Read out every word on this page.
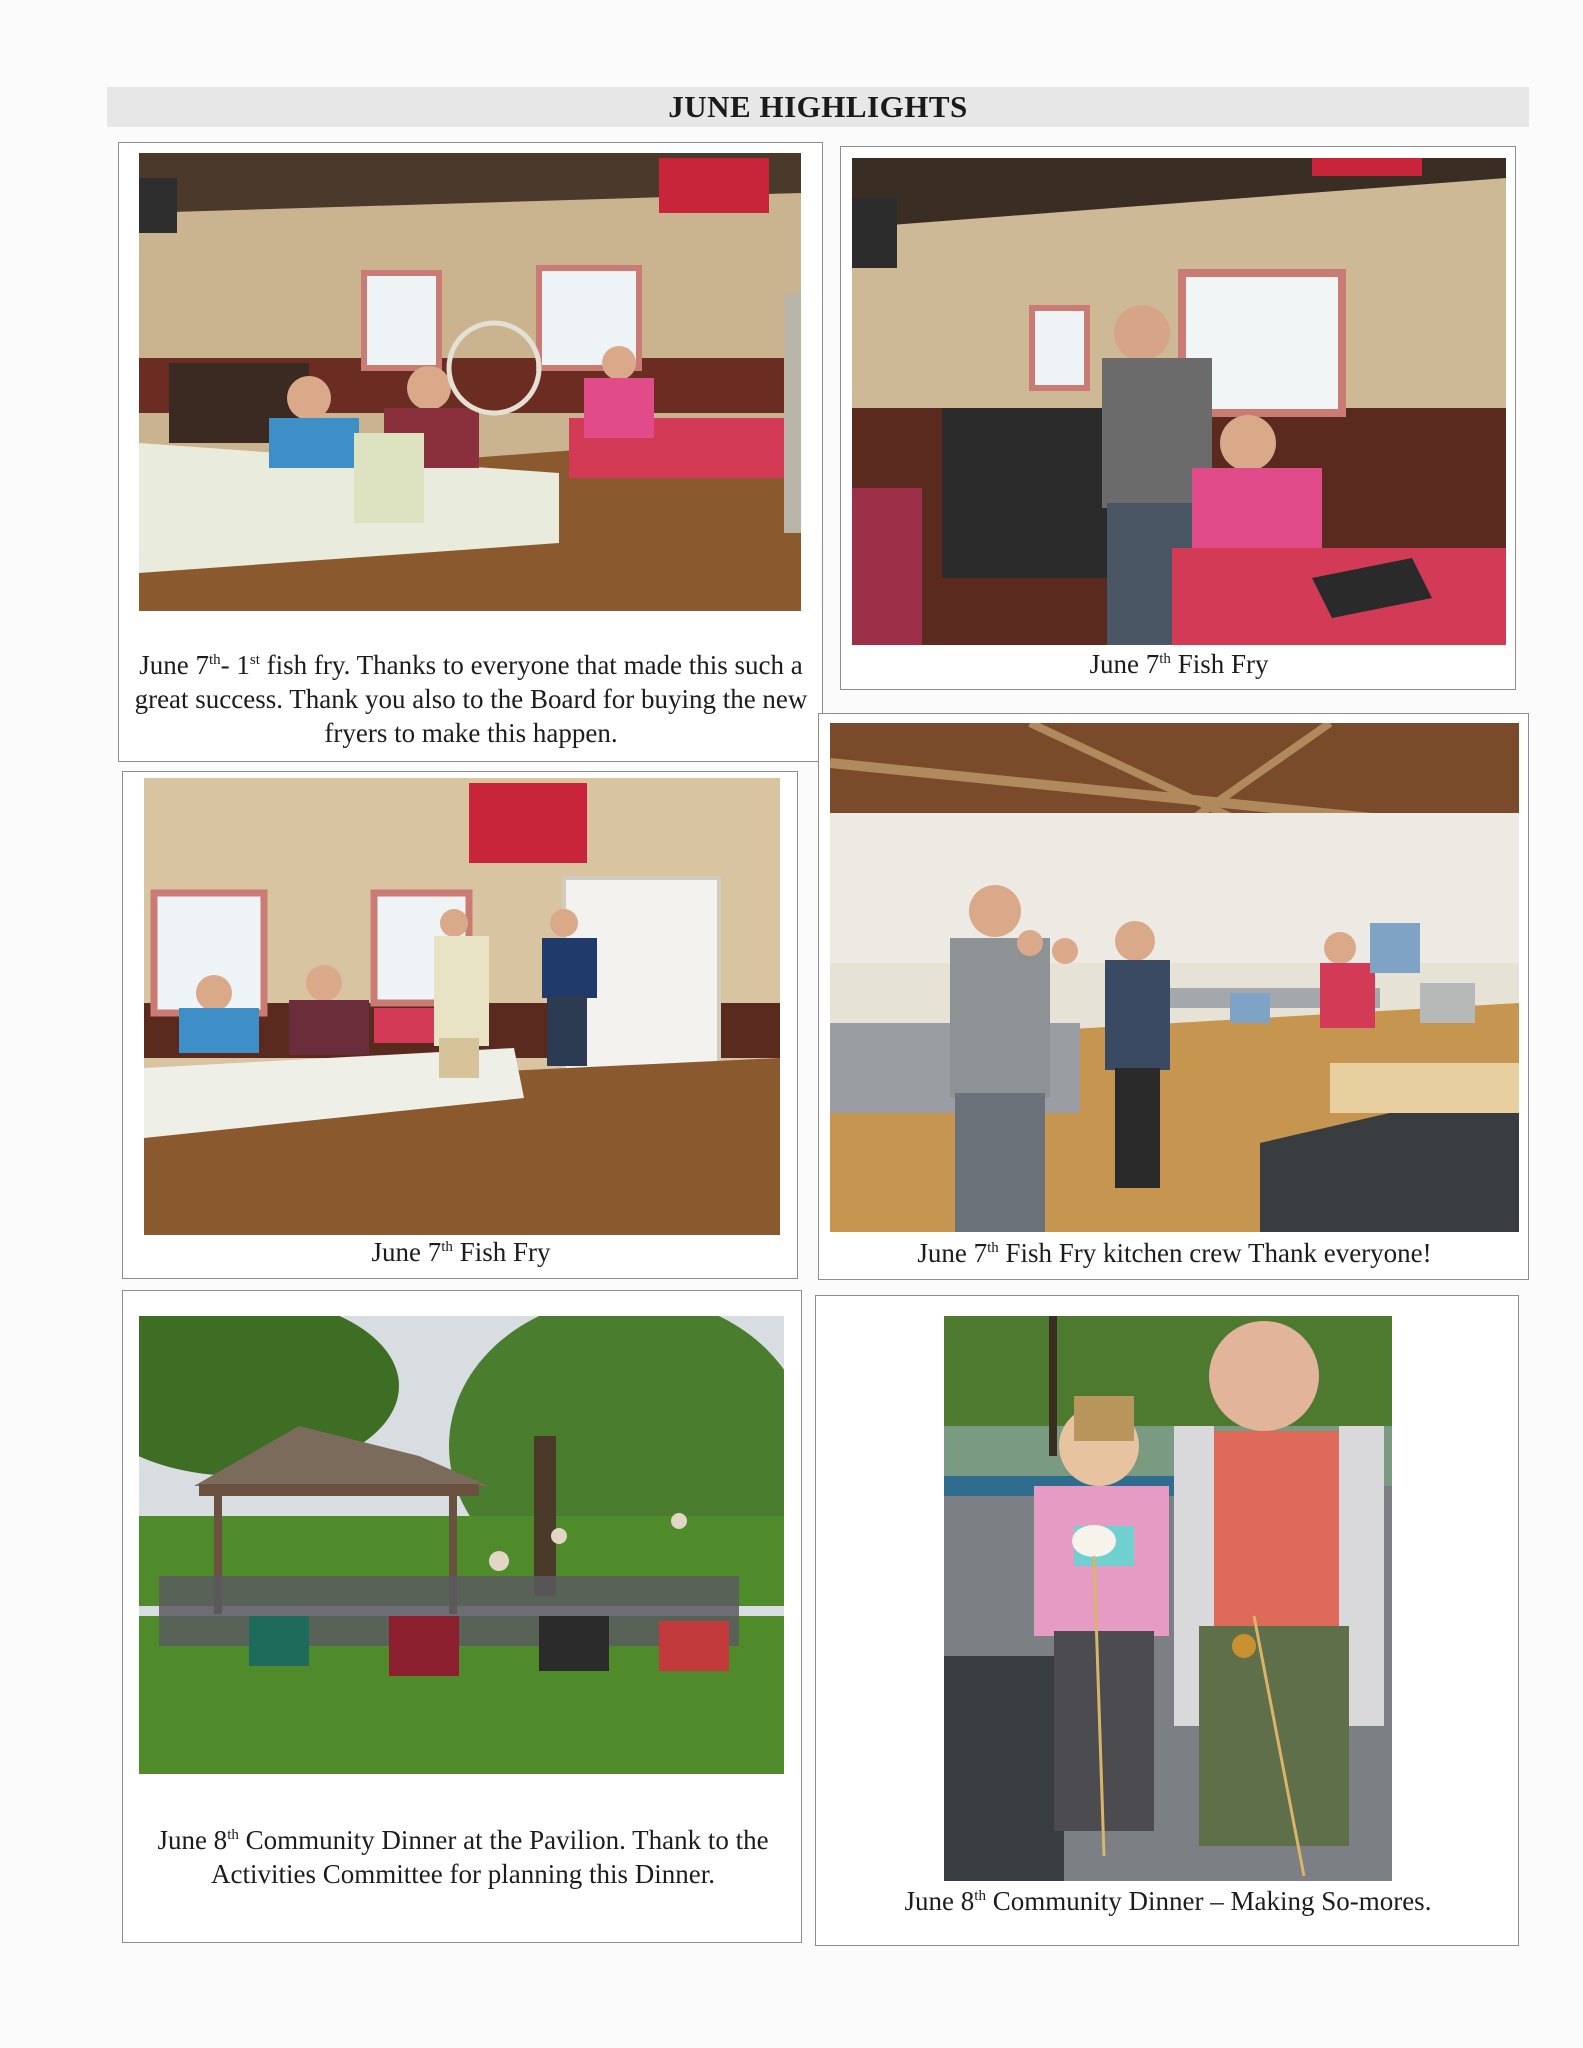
JUNE HIGHLIGHTS
June 7th- 1st fish fry. Thanks to everyone that made this such a great success. Thank you also to the Board for buying the new fryers to make this happen.
June 7th Fish Fry
June 7th Fish Fry	June 7th Fish Fry kitchen crew Thank everyone!
June 8th Community Dinner at the Pavilion. Thank to the Activities Committee for planning this Dinner.
June 8th Community Dinner – Making So-mores.
